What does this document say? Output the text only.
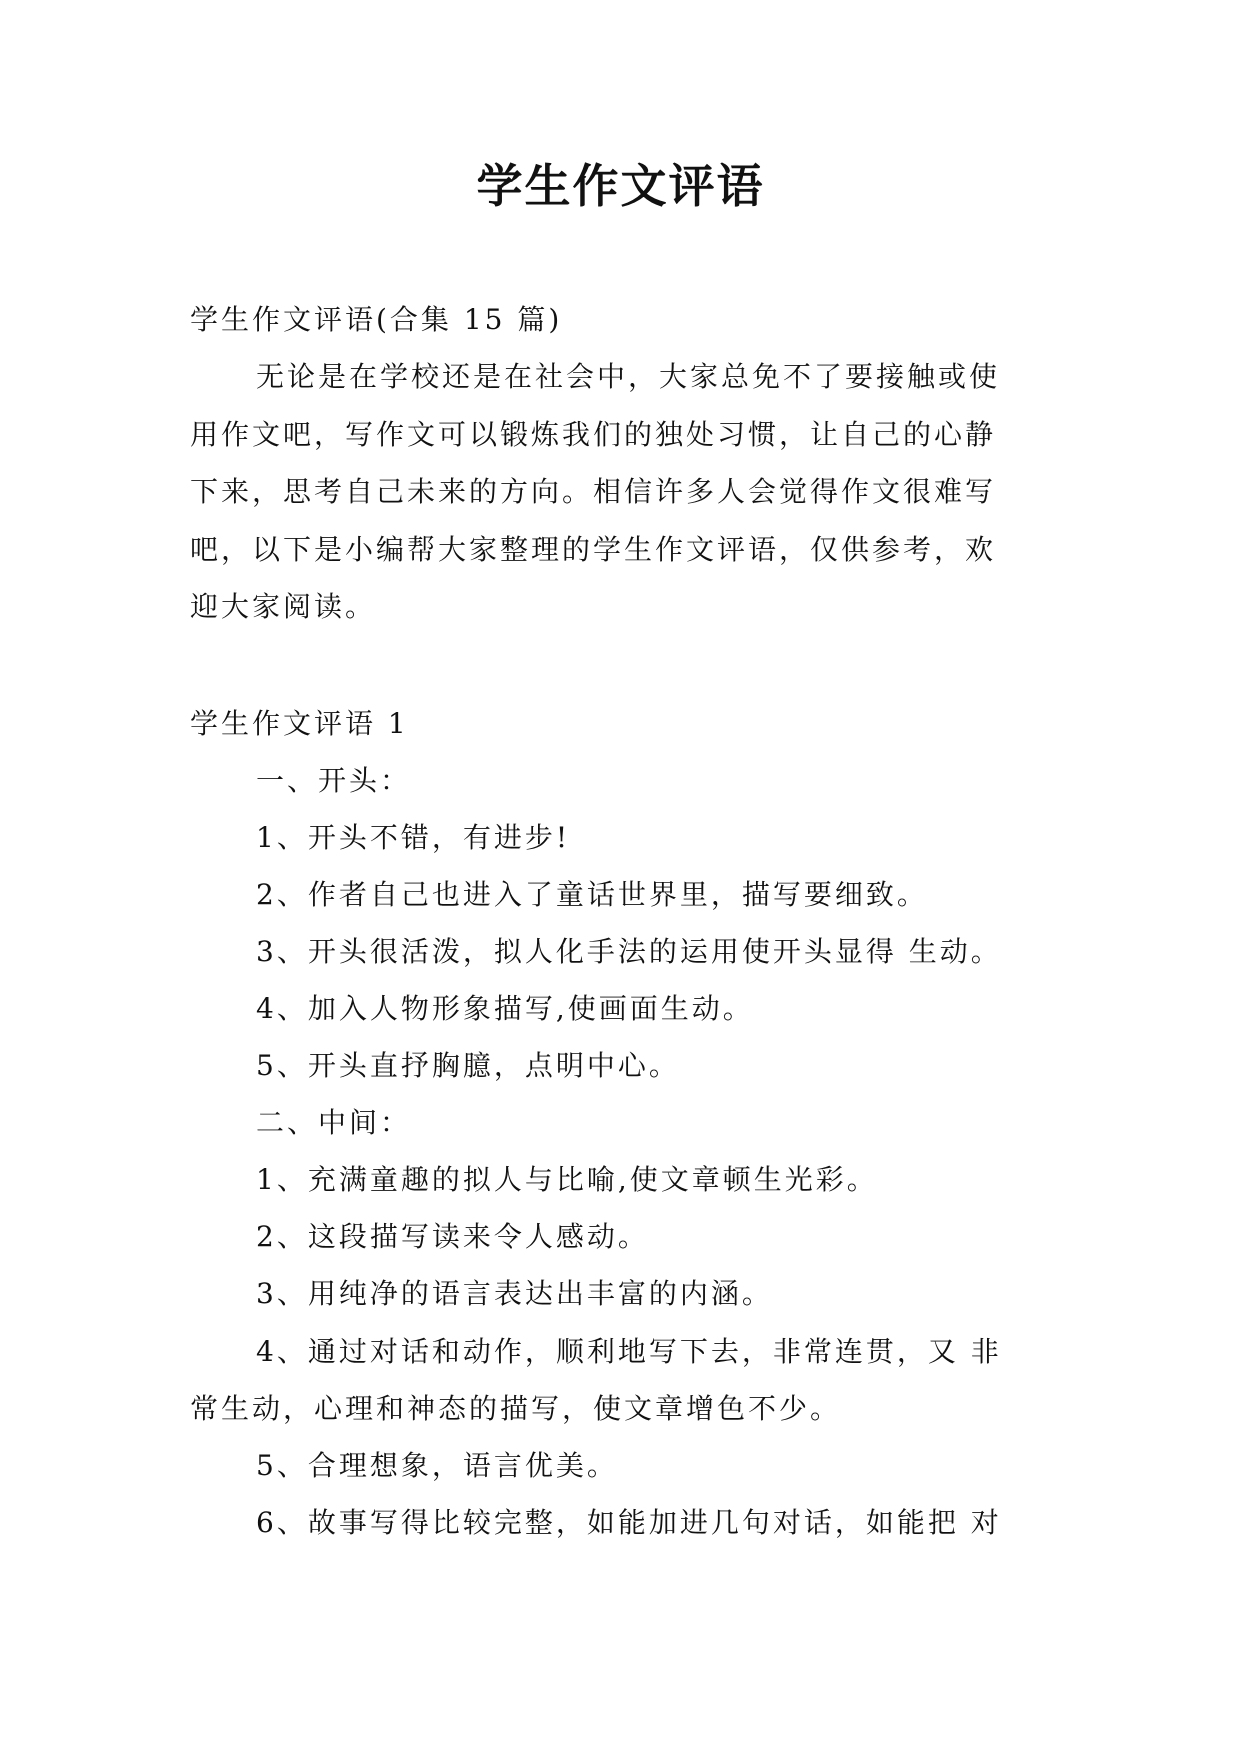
学生作文评语
学生作文评语(合集 15 篇)
无论是在学校还是在社会中，大家总免不了要接触或使
用作文吧，写作文可以锻炼我们的独处习惯，让自己的心静
下来，思考自己未来的方向。相信许多人会觉得作文很难写
吧，以下是小编帮大家整理的学生作文评语，仅供参考，欢
迎大家阅读。
学生作文评语 1
一、开头：
1、开头不错，有进步!
2、作者自己也进入了童话世界里，描写要细致。
3、开头很活泼，拟人化手法的运用使开头显得 生动。
4、加入人物形象描写,使画面生动。
5、开头直抒胸臆，点明中心。
二、中间：
1、充满童趣的拟人与比喻,使文章顿生光彩。
2、这段描写读来令人感动。
3、用纯净的语言表达出丰富的内涵。
4、通过对话和动作，顺利地写下去，非常连贯，又 非
常生动，心理和神态的描写，使文章增色不少。
5、合理想象，语言优美。
6、故事写得比较完整，如能加进几句对话，如能把 对
